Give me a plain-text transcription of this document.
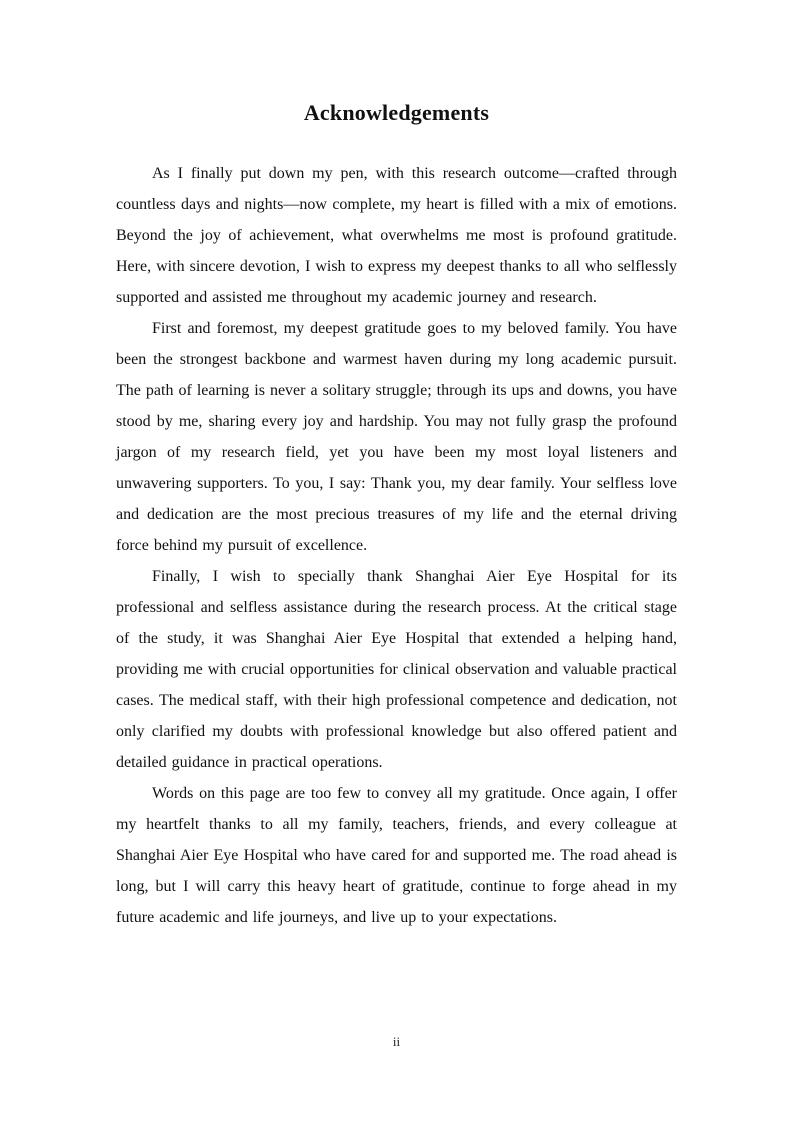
Acknowledgements

As I finally put down my pen, with this research outcome—crafted through countless days and nights—now complete, my heart is filled with a mix of emotions. Beyond the joy of achievement, what overwhelms me most is profound gratitude. Here, with sincere devotion, I wish to express my deepest thanks to all who selflessly supported and assisted me throughout my academic journey and research.

First and foremost, my deepest gratitude goes to my beloved family. You have been the strongest backbone and warmest haven during my long academic pursuit. The path of learning is never a solitary struggle; through its ups and downs, you have stood by me, sharing every joy and hardship. You may not fully grasp the profound jargon of my research field, yet you have been my most loyal listeners and unwavering supporters. To you, I say: Thank you, my dear family. Your selfless love and dedication are the most precious treasures of my life and the eternal driving force behind my pursuit of excellence.

Finally, I wish to specially thank Shanghai Aier Eye Hospital for its professional and selfless assistance during the research process. At the critical stage of the study, it was Shanghai Aier Eye Hospital that extended a helping hand, providing me with crucial opportunities for clinical observation and valuable practical cases. The medical staff, with their high professional competence and dedication, not only clarified my doubts with professional knowledge but also offered patient and detailed guidance in practical operations.

Words on this page are too few to convey all my gratitude. Once again, I offer my heartfelt thanks to all my family, teachers, friends, and every colleague at Shanghai Aier Eye Hospital who have cared for and supported me. The road ahead is long, but I will carry this heavy heart of gratitude, continue to forge ahead in my future academic and life journeys, and live up to your expectations.

ii
